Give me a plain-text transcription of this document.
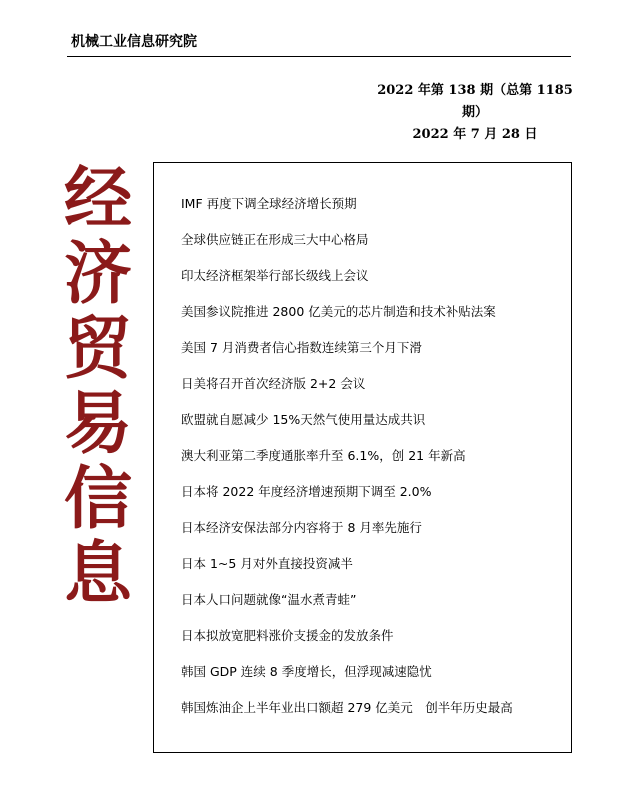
机械工业信息研究院
2022 年第 138 期（总第 1185 期）
2022 年 7 月 28 日
经
济
贸
易
信
息
IMF 再度下调全球经济增长预期
全球供应链正在形成三大中心格局
印太经济框架举行部长级线上会议
美国参议院推进 2800 亿美元的芯片制造和技术补贴法案
美国 7 月消费者信心指数连续第三个月下滑
日美将召开首次经济版 2+2 会议
欧盟就自愿减少 15%天然气使用量达成共识
澳大利亚第二季度通胀率升至 6.1%，创 21 年新高
日本将 2022 年度经济增速预期下调至 2.0%
日本经济安保法部分内容将于 8 月率先施行
日本 1~5 月对外直接投资减半
日本人口问题就像“温水煮青蛙”
日本拟放宽肥料涨价支援金的发放条件
韩国 GDP 连续 8 季度增长，但浮现减速隐忧
韩国炼油企上半年业出口额超 279 亿美元　创半年历史最高
